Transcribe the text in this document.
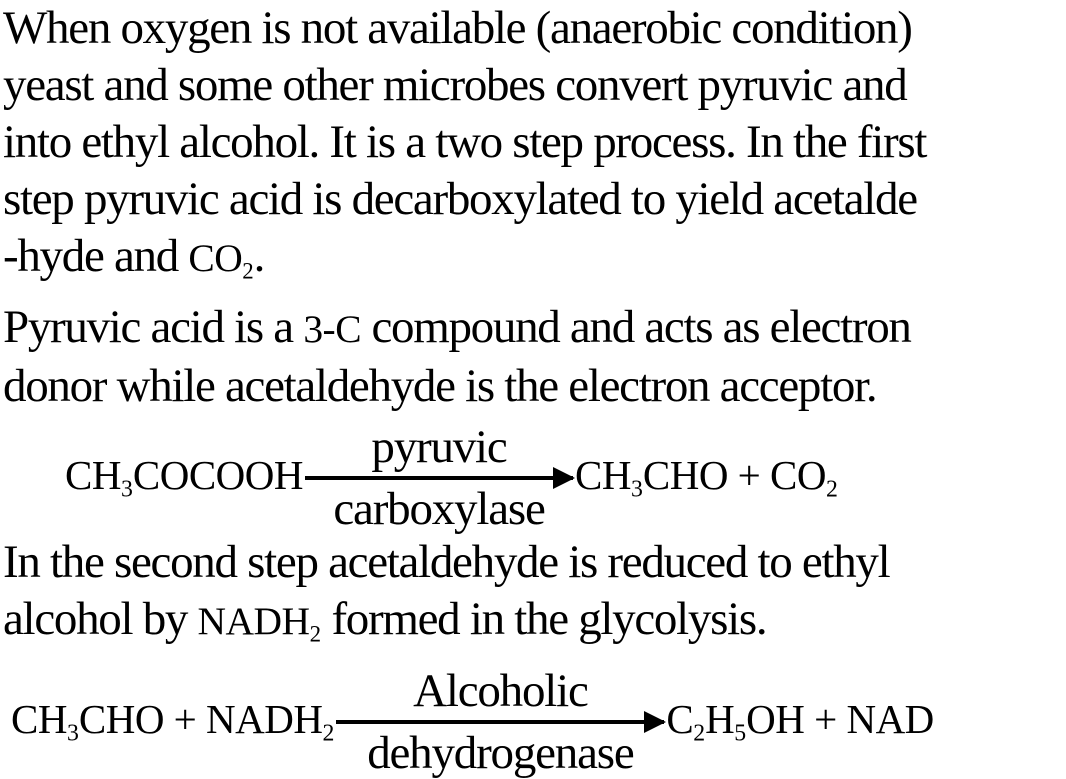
When oxygen is not available (anaerobic condition)
yeast and some other microbes convert pyruvic and
into ethyl alcohol. It is a two step process. In the first
step pyruvic acid is decarboxylated to yield acetalde
-hyde and $CO_2$.
Pyruvic acid is a 3-C compound and acts as electron
donor while acetaldehyde is the electron acceptor.
$CH_3COCOOH$
pyruvic
carboxylase
$CH_3CHO + CO_2$
In the second step acetaldehyde is reduced to ethyl
alcohol by $NADH_2$ formed in the glycolysis.
$CH_3CHO$ + $NADH_2$
Alcoholic
dehydrogenase
$C_2H_5OH$ + NAD
